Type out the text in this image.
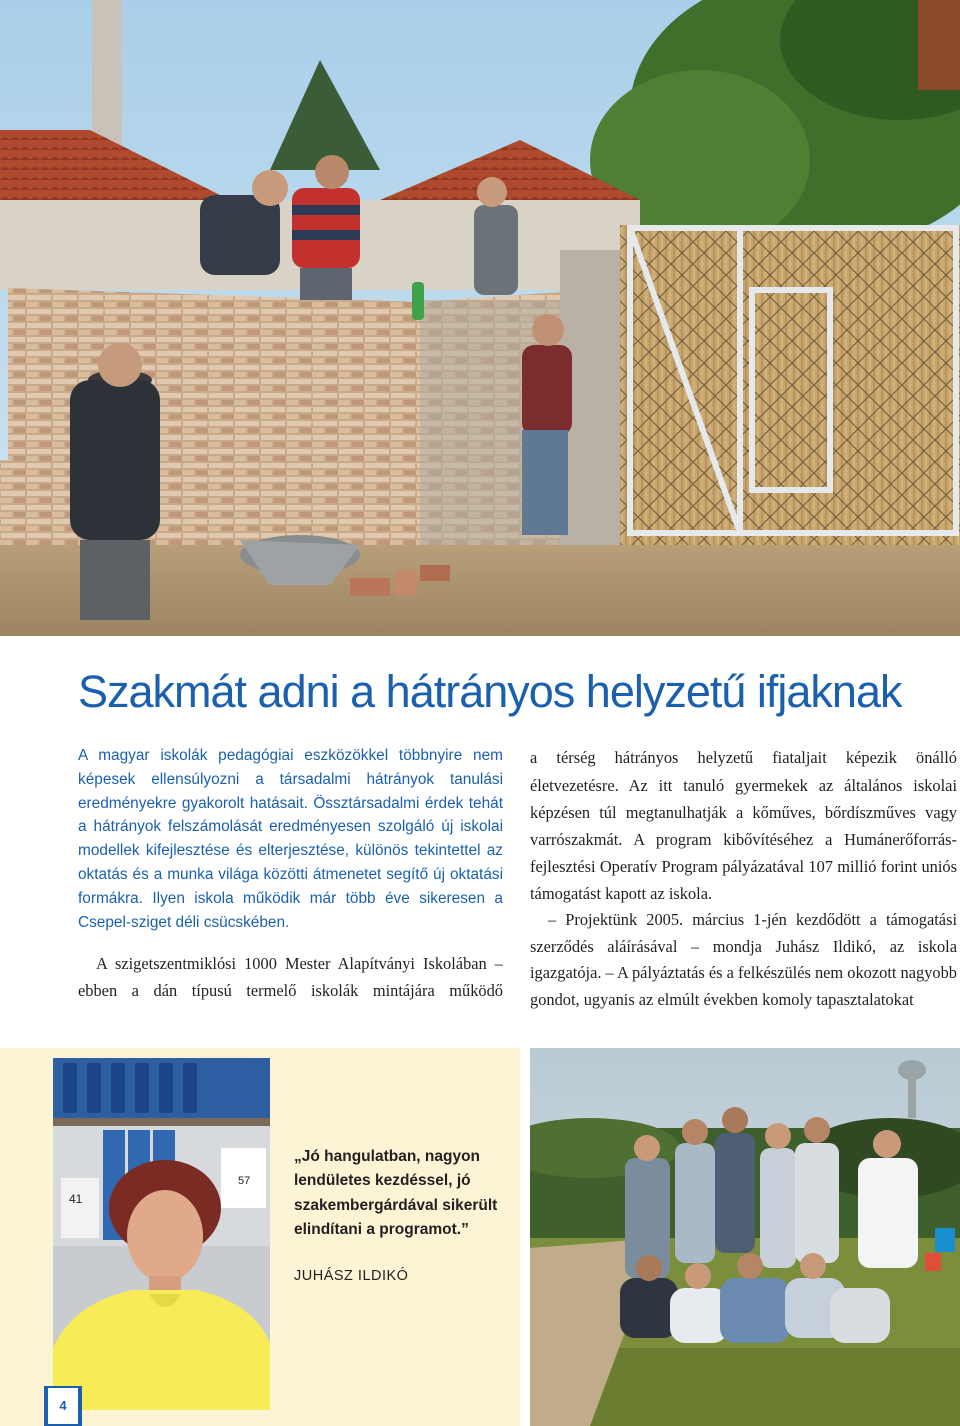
Szakmát adni a hátrányos helyzetű ifjaknak

A magyar iskolák pedagógiai eszközökkel többnyire nem képesek ellensúlyozni a társadalmi hátrányok tanulási eredményekre gyakorolt hatásait. Össztársadalmi érdek tehát a hátrányok felszámolását eredményesen szolgáló új iskolai modellek kifejlesztése és elterjesztése, különös tekintettel az oktatás és a munka világa közötti átmenetet segítő új oktatási formákra. Ilyen iskola működik már több éve sikeresen a Csepel-sziget déli csücskében.

A szigetszentmiklósi 1000 Mester Alapítványi Iskolában – ebben a dán típusú termelő iskolák mintájára működő

a térség hátrányos helyzetű fiataljait képezik önálló életvezetésre. Az itt tanuló gyermekek az általános iskolai képzésen túl megtanulhatják a kőműves, bőrdíszműves vagy varrószakmát. A program kibővítéséhez a Humánerőforrás-fejlesztési Operatív Program pályázatával 107 millió forint uniós támogatást kapott az iskola.

– Projektünk 2005. március 1-jén kezdődött a támogatási szerződés aláírásával – mondja Juhász Ildikó, az iskola igazgatója. – A pályáztatás és a felkészülés nem okozott nagyobb gondot, ugyanis az elmúlt években komoly tapasztalatokat

41
57

„Jó hangulatban, nagyon lendületes kezdéssel, jó szakembergárdával sikerült elindítani a programot.”

JUHÁSZ ILDIKÓ
4
